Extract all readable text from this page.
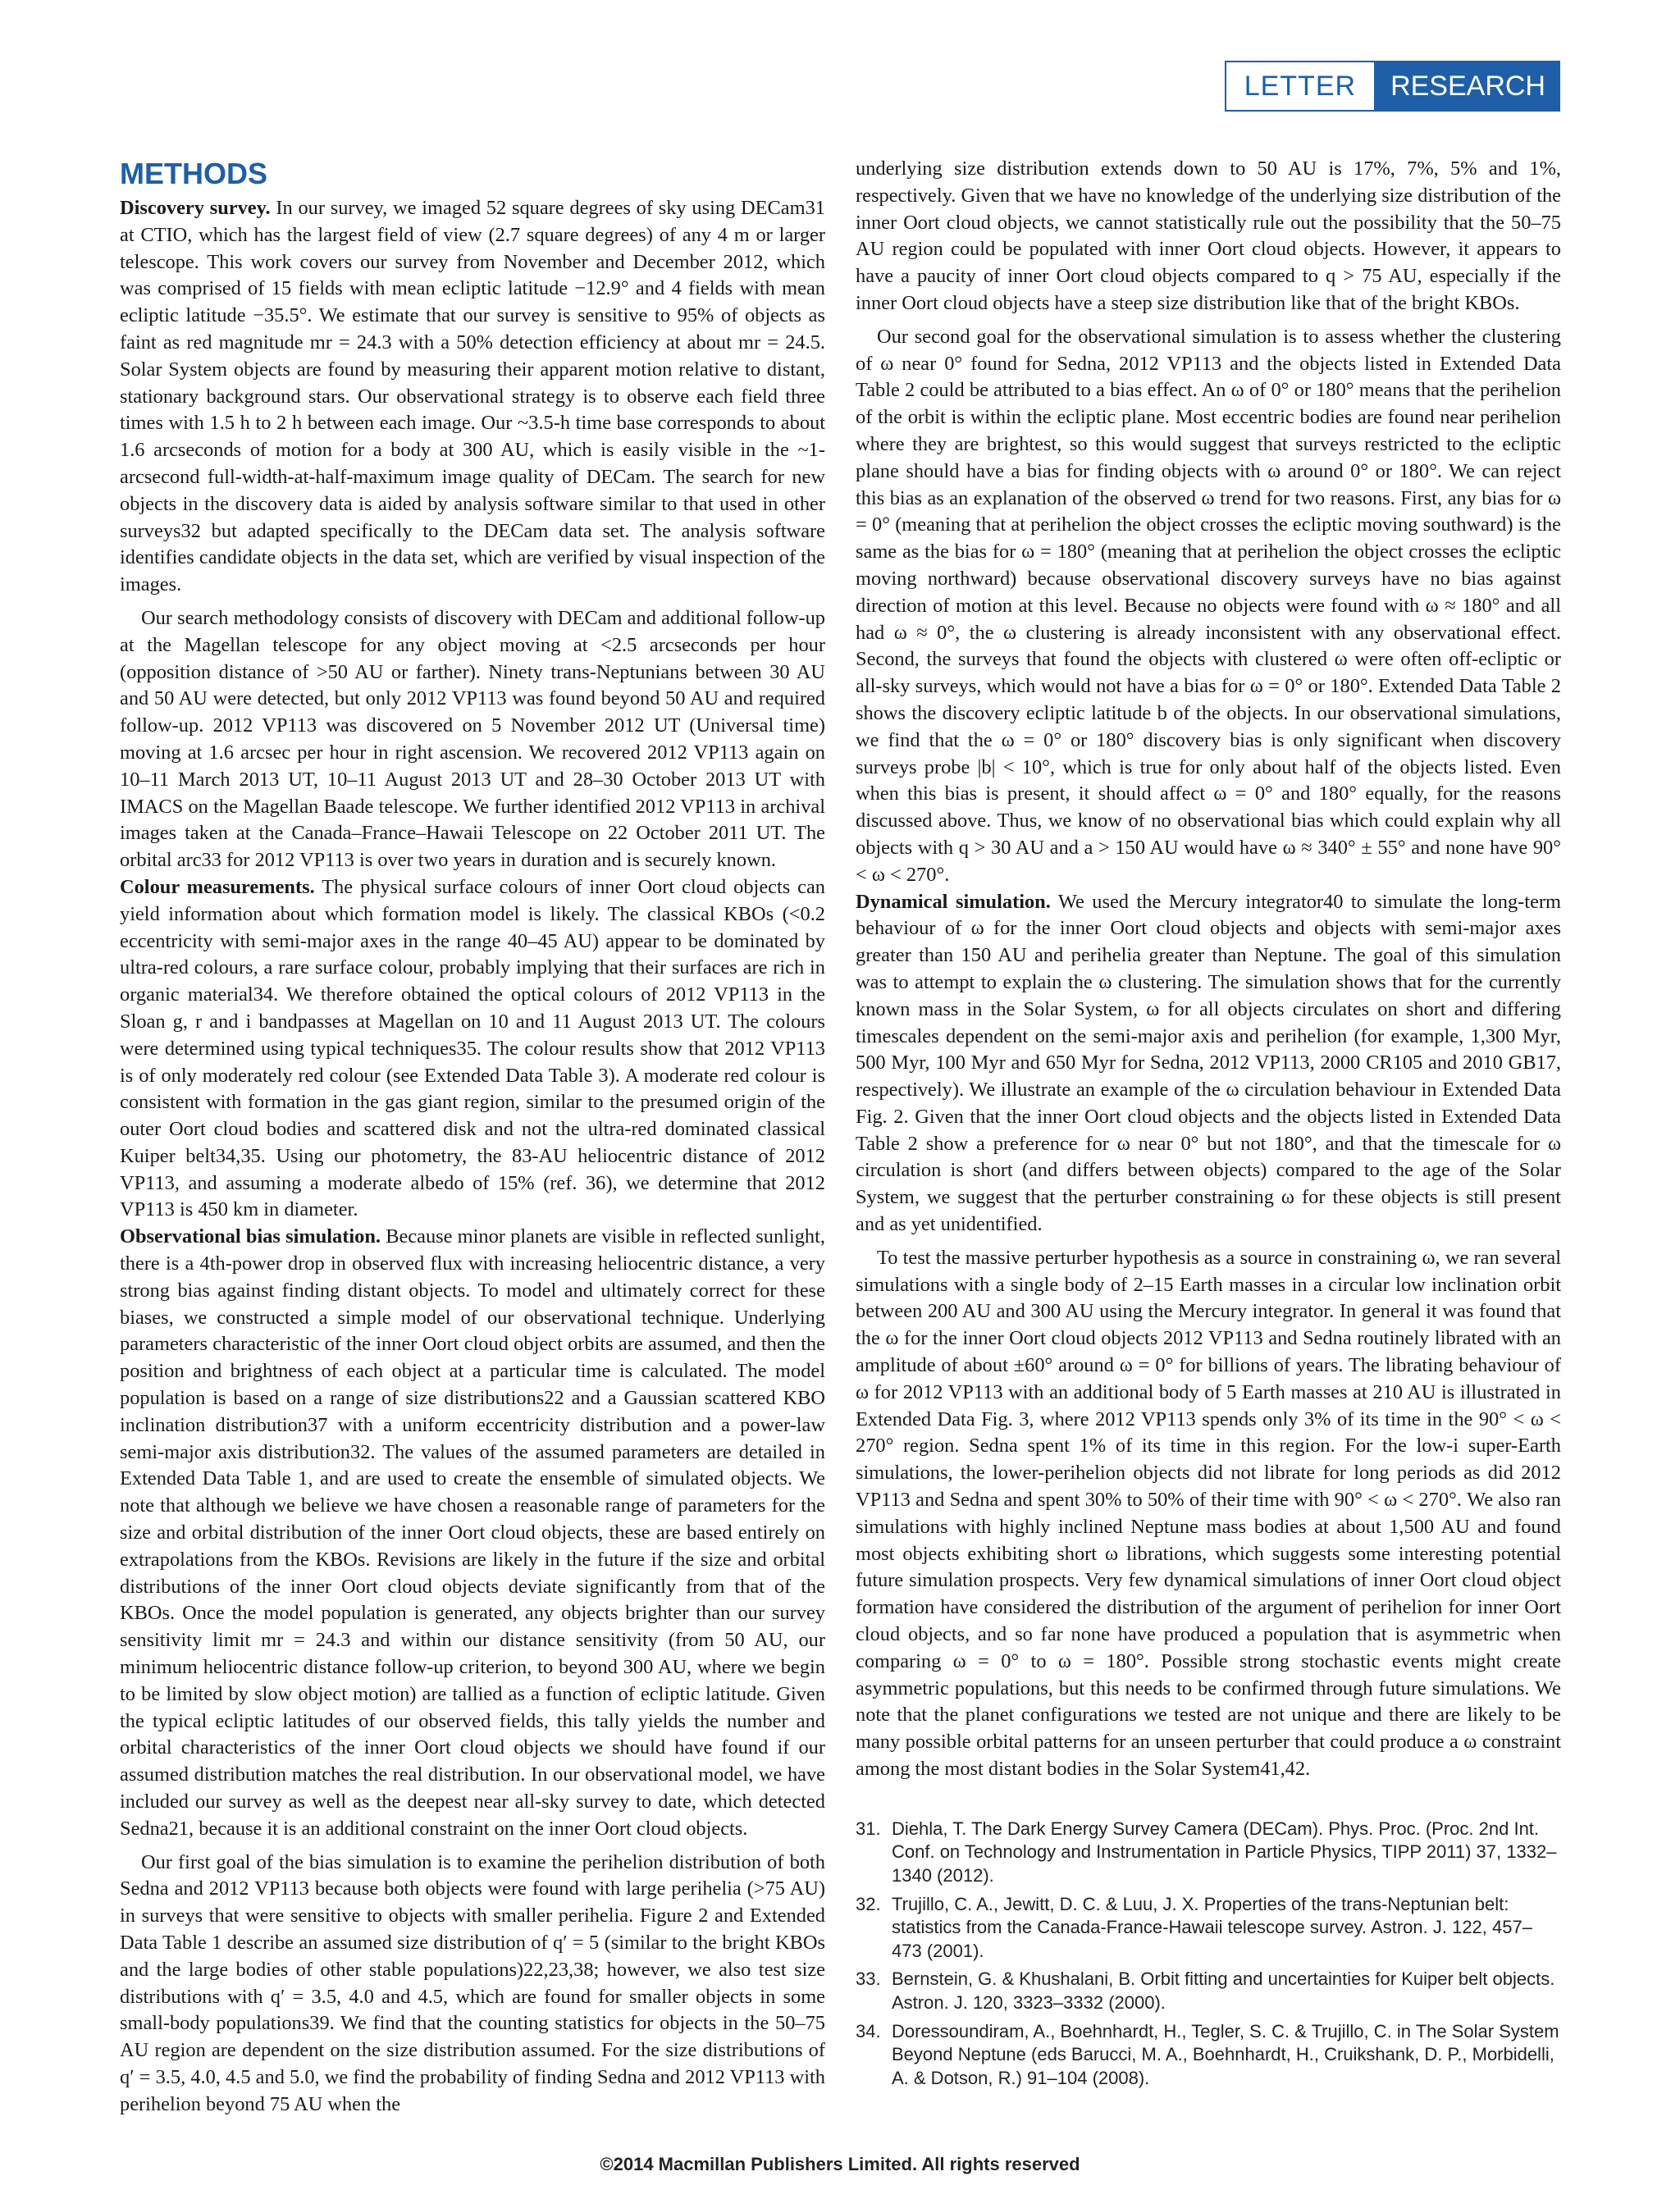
LETTER	RESEARCH
METHODS

Discovery survey. In our survey, we imaged 52 square degrees of sky using DECam31 at CTIO, which has the largest field of view (2.7 square degrees) of any 4 m or larger telescope. This work covers our survey from November and December 2012, which was comprised of 15 fields with mean ecliptic latitude −12.9° and 4 fields with mean ecliptic latitude −35.5°. We estimate that our survey is sensitive to 95% of objects as faint as red magnitude mr = 24.3 with a 50% detection efficiency at about mr = 24.5. Solar System objects are found by measuring their apparent motion relative to distant, stationary background stars. Our observational strategy is to observe each field three times with 1.5 h to 2 h between each image. Our ~3.5-h time base corresponds to about 1.6 arcseconds of motion for a body at 300 AU, which is easily visible in the ~1-arcsecond full-width-at-half-maximum image quality of DECam. The search for new objects in the discovery data is aided by analysis software similar to that used in other surveys32 but adapted specifically to the DECam data set. The analysis software identifies candidate objects in the data set, which are verified by visual inspection of the images.

Our search methodology consists of discovery with DECam and additional follow-up at the Magellan telescope for any object moving at <2.5 arcseconds per hour (opposition distance of >50 AU or farther). Ninety trans-Neptunians between 30 AU and 50 AU were detected, but only 2012 VP113 was found beyond 50 AU and required follow-up. 2012 VP113 was discovered on 5 November 2012 UT (Universal time) moving at 1.6 arcsec per hour in right ascension. We recovered 2012 VP113 again on 10–11 March 2013 UT, 10–11 August 2013 UT and 28–30 October 2013 UT with IMACS on the Magellan Baade telescope. We further identified 2012 VP113 in archival images taken at the Canada–France–Hawaii Telescope on 22 October 2011 UT. The orbital arc33 for 2012 VP113 is over two years in duration and is securely known.

Colour measurements. The physical surface colours of inner Oort cloud objects can yield information about which formation model is likely. The classical KBOs (<0.2 eccentricity with semi-major axes in the range 40–45 AU) appear to be dominated by ultra-red colours, a rare surface colour, probably implying that their surfaces are rich in organic material34. We therefore obtained the optical colours of 2012 VP113 in the Sloan g, r and i bandpasses at Magellan on 10 and 11 August 2013 UT. The colours were determined using typical techniques35. The colour results show that 2012 VP113 is of only moderately red colour (see Extended Data Table 3). A moderate red colour is consistent with formation in the gas giant region, similar to the presumed origin of the outer Oort cloud bodies and scattered disk and not the ultra-red dominated classical Kuiper belt34,35. Using our photometry, the 83-AU heliocentric distance of 2012 VP113, and assuming a moderate albedo of 15% (ref. 36), we determine that 2012 VP113 is 450 km in diameter.

Observational bias simulation. Because minor planets are visible in reflected sunlight, there is a 4th-power drop in observed flux with increasing heliocentric distance, a very strong bias against finding distant objects. To model and ultimately correct for these biases, we constructed a simple model of our observational technique. Underlying parameters characteristic of the inner Oort cloud object orbits are assumed, and then the position and brightness of each object at a particular time is calculated. The model population is based on a range of size distributions22 and a Gaussian scattered KBO inclination distribution37 with a uniform eccentricity distribution and a power-law semi-major axis distribution32. The values of the assumed parameters are detailed in Extended Data Table 1, and are used to create the ensemble of simulated objects. We note that although we believe we have chosen a reasonable range of parameters for the size and orbital distribution of the inner Oort cloud objects, these are based entirely on extrapolations from the KBOs. Revisions are likely in the future if the size and orbital distributions of the inner Oort cloud objects deviate significantly from that of the KBOs. Once the model population is generated, any objects brighter than our survey sensitivity limit mr = 24.3 and within our distance sensitivity (from 50 AU, our minimum heliocentric distance follow-up criterion, to beyond 300 AU, where we begin to be limited by slow object motion) are tallied as a function of ecliptic latitude. Given the typical ecliptic latitudes of our observed fields, this tally yields the number and orbital characteristics of the inner Oort cloud objects we should have found if our assumed distribution matches the real distribution. In our observational model, we have included our survey as well as the deepest near all-sky survey to date, which detected Sedna21, because it is an additional constraint on the inner Oort cloud objects.

Our first goal of the bias simulation is to examine the perihelion distribution of both Sedna and 2012 VP113 because both objects were found with large perihelia (>75 AU) in surveys that were sensitive to objects with smaller perihelia. Figure 2 and Extended Data Table 1 describe an assumed size distribution of q′ = 5 (similar to the bright KBOs and the large bodies of other stable populations)22,23,38; however, we also test size distributions with q′ = 3.5, 4.0 and 4.5, which are found for smaller objects in some small-body populations39. We find that the counting statistics for objects in the 50–75 AU region are dependent on the size distribution assumed. For the size distributions of q′ = 3.5, 4.0, 4.5 and 5.0, we find the probability of finding Sedna and 2012 VP113 with perihelion beyond 75 AU when the

underlying size distribution extends down to 50 AU is 17%, 7%, 5% and 1%, respectively. Given that we have no knowledge of the underlying size distribution of the inner Oort cloud objects, we cannot statistically rule out the possibility that the 50–75 AU region could be populated with inner Oort cloud objects. However, it appears to have a paucity of inner Oort cloud objects compared to q > 75 AU, especially if the inner Oort cloud objects have a steep size distribution like that of the bright KBOs.

Our second goal for the observational simulation is to assess whether the clustering of ω near 0° found for Sedna, 2012 VP113 and the objects listed in Extended Data Table 2 could be attributed to a bias effect. An ω of 0° or 180° means that the perihelion of the orbit is within the ecliptic plane. Most eccentric bodies are found near perihelion where they are brightest, so this would suggest that surveys restricted to the ecliptic plane should have a bias for finding objects with ω around 0° or 180°. We can reject this bias as an explanation of the observed ω trend for two reasons. First, any bias for ω = 0° (meaning that at perihelion the object crosses the ecliptic moving southward) is the same as the bias for ω = 180° (meaning that at perihelion the object crosses the ecliptic moving northward) because observational discovery surveys have no bias against direction of motion at this level. Because no objects were found with ω ≈ 180° and all had ω ≈ 0°, the ω clustering is already inconsistent with any observational effect. Second, the surveys that found the objects with clustered ω were often off-ecliptic or all-sky surveys, which would not have a bias for ω = 0° or 180°. Extended Data Table 2 shows the discovery ecliptic latitude b of the objects. In our observational simulations, we find that the ω = 0° or 180° discovery bias is only significant when discovery surveys probe |b| < 10°, which is true for only about half of the objects listed. Even when this bias is present, it should affect ω = 0° and 180° equally, for the reasons discussed above. Thus, we know of no observational bias which could explain why all objects with q > 30 AU and a > 150 AU would have ω ≈ 340° ± 55° and none have 90° < ω < 270°.

Dynamical simulation. We used the Mercury integrator40 to simulate the long-term behaviour of ω for the inner Oort cloud objects and objects with semi-major axes greater than 150 AU and perihelia greater than Neptune. The goal of this simulation was to attempt to explain the ω clustering. The simulation shows that for the currently known mass in the Solar System, ω for all objects circulates on short and differing timescales dependent on the semi-major axis and perihelion (for example, 1,300 Myr, 500 Myr, 100 Myr and 650 Myr for Sedna, 2012 VP113, 2000 CR105 and 2010 GB17, respectively). We illustrate an example of the ω circulation behaviour in Extended Data Fig. 2. Given that the inner Oort cloud objects and the objects listed in Extended Data Table 2 show a preference for ω near 0° but not 180°, and that the timescale for ω circulation is short (and differs between objects) compared to the age of the Solar System, we suggest that the perturber constraining ω for these objects is still present and as yet unidentified.

To test the massive perturber hypothesis as a source in constraining ω, we ran several simulations with a single body of 2–15 Earth masses in a circular low inclination orbit between 200 AU and 300 AU using the Mercury integrator. In general it was found that the ω for the inner Oort cloud objects 2012 VP113 and Sedna routinely librated with an amplitude of about ±60° around ω = 0° for billions of years. The librating behaviour of ω for 2012 VP113 with an additional body of 5 Earth masses at 210 AU is illustrated in Extended Data Fig. 3, where 2012 VP113 spends only 3% of its time in the 90° < ω < 270° region. Sedna spent 1% of its time in this region. For the low-i super-Earth simulations, the lower-perihelion objects did not librate for long periods as did 2012 VP113 and Sedna and spent 30% to 50% of their time with 90° < ω < 270°. We also ran simulations with highly inclined Neptune mass bodies at about 1,500 AU and found most objects exhibiting short ω librations, which suggests some interesting potential future simulation prospects. Very few dynamical simulations of inner Oort cloud object formation have considered the distribution of the argument of perihelion for inner Oort cloud objects, and so far none have produced a population that is asymmetric when comparing ω = 0° to ω = 180°. Possible strong stochastic events might create asymmetric populations, but this needs to be confirmed through future simulations. We note that the planet configurations we tested are not unique and there are likely to be many possible orbital patterns for an unseen perturber that could produce a ω constraint among the most distant bodies in the Solar System41,42.

31. Diehla, T. The Dark Energy Survey Camera (DECam). Phys. Proc. (Proc. 2nd Int. Conf. on Technology and Instrumentation in Particle Physics, TIPP 2011) 37, 1332–1340 (2012).
32. Trujillo, C. A., Jewitt, D. C. & Luu, J. X. Properties of the trans-Neptunian belt: statistics from the Canada-France-Hawaii telescope survey. Astron. J. 122, 457–473 (2001).
33. Bernstein, G. & Khushalani, B. Orbit fitting and uncertainties for Kuiper belt objects. Astron. J. 120, 3323–3332 (2000).
34. Doressoundiram, A., Boehnhardt, H., Tegler, S. C. & Trujillo, C. in The Solar System Beyond Neptune (eds Barucci, M. A., Boehnhardt, H., Cruikshank, D. P., Morbidelli, A. & Dotson, R.) 91–104 (2008).
©2014 Macmillan Publishers Limited. All rights reserved
